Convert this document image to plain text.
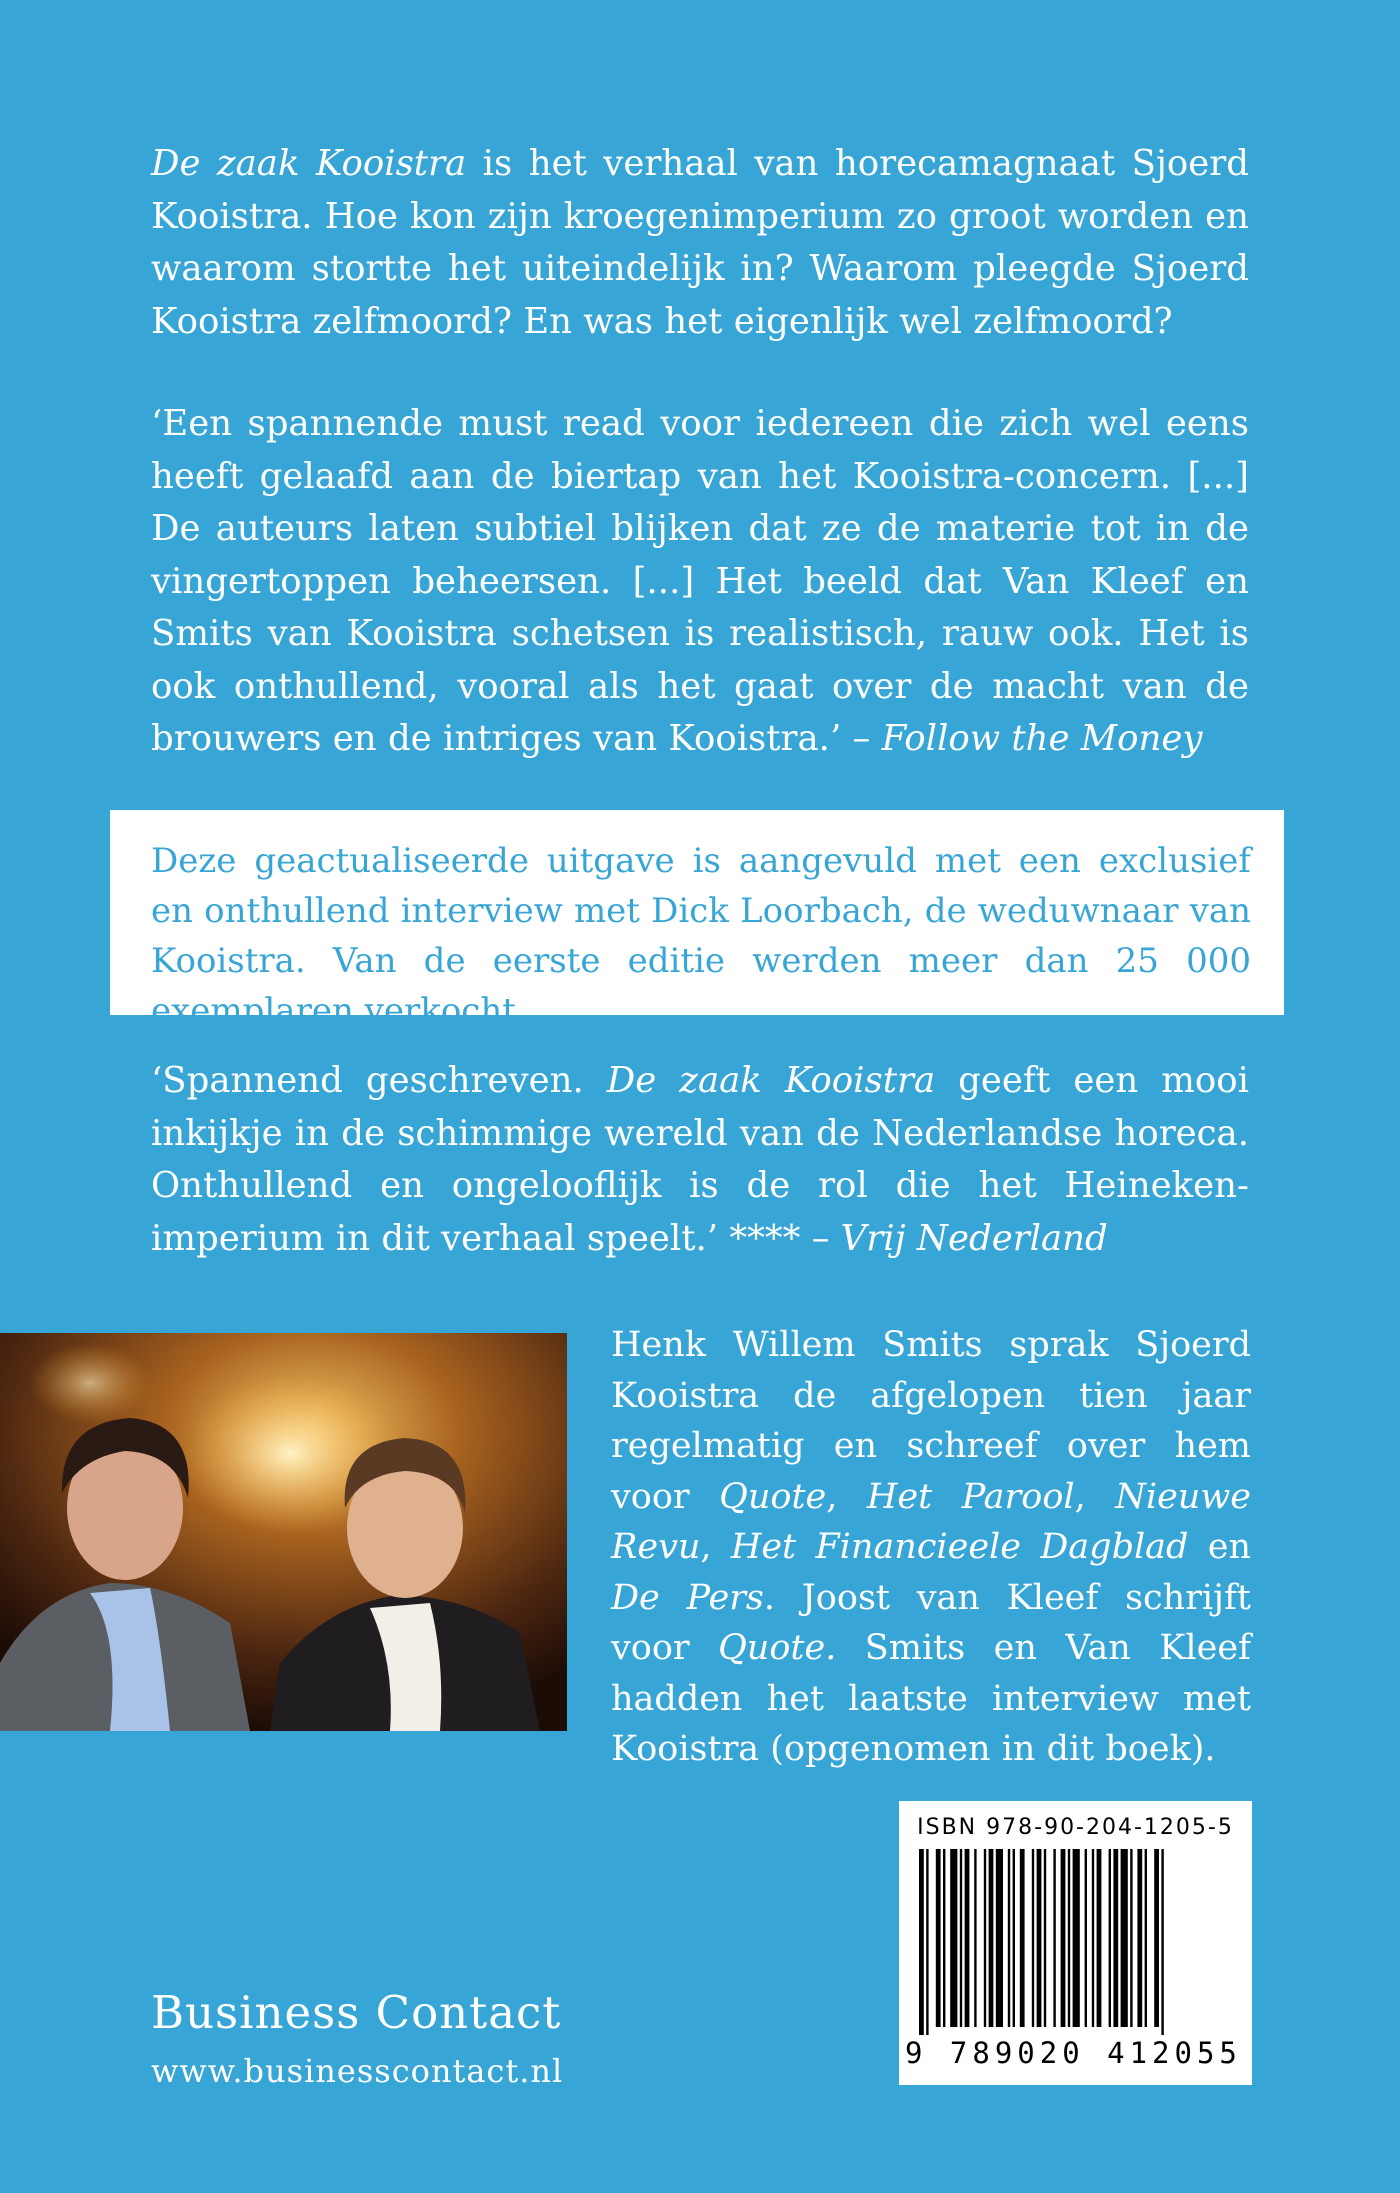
De zaak Kooistra is het verhaal van horecamagnaat Sjoerd Kooistra. Hoe kon zijn kroegenimperium zo groot worden en waarom stortte het uiteindelijk in? Waarom pleegde Sjoerd Kooistra zelfmoord? En was het eigenlijk wel zelfmoord?

‘Een spannende must read voor iedereen die zich wel eens heeft gelaafd aan de biertap van het Kooistra-concern. [...] De auteurs laten subtiel blijken dat ze de materie tot in de vingertoppen beheersen. [...] Het beeld dat Van Kleef en Smits van Kooistra schetsen is realistisch, rauw ook. Het is ook onthullend, vooral als het gaat over de macht van de brouwers en de intriges van Kooistra.’ – Follow the Money

Deze geactualiseerde uitgave is aangevuld met een exclusief en onthullend interview met Dick Loorbach, de weduwnaar van Kooistra. Van de eerste editie werden meer dan 25 000 exemplaren verkocht.

‘Spannend geschreven. De zaak Kooistra geeft een mooi inkijkje in de schimmige wereld van de Nederlandse horeca. Onthullend en ongelooflijk is de rol die het Heineken-imperium in dit verhaal speelt.’ **** – Vrij Nederland

Henk Willem Smits sprak Sjoerd Kooistra de afgelopen tien jaar regelmatig en schreef over hem voor Quote, Het Parool, Nieuwe Revu, Het Financieele Dagblad en De Pers. Joost van Kleef schrijft voor Quote. Smits en Van Kleef hadden het laatste interview met Kooistra (opgenomen in dit boek).

Business Contact

www.businesscontact.nl

ISBN 978-90-204-1205-5

9 789020 412055
